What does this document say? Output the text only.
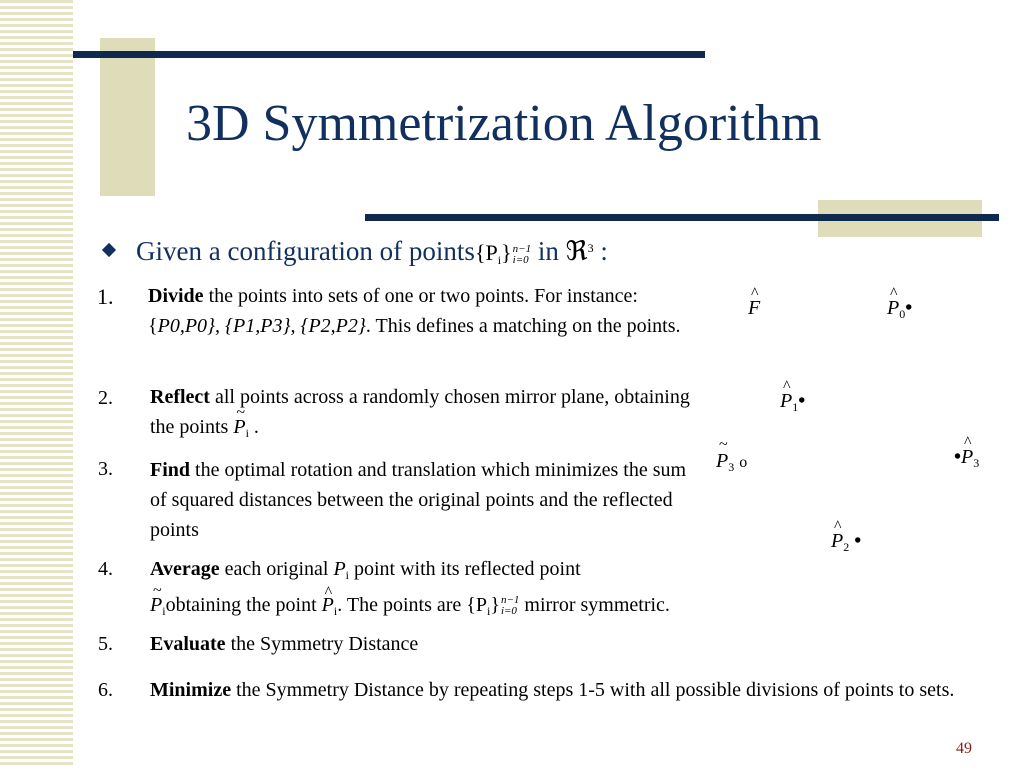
3D Symmetrization Algorithm
Given a configuration of $points\{P_i\}$ n−1
i=0 in ℜ$^3$ :
1. Divide the points into sets of one or two points. For instance: {P0,P0}, {P1,P3}, {P2,P2}. This defines a matching on the points.
2. Reflect all points across a randomly chosen mirror plane, obtaining the points ~ $P_i$ .
3. Find the optimal rotation and translation which minimizes the sum of squared distances between the original points and the reflected points
4. Average each original $P_i$ point with its reflected point
~ $P_iobtaining$ the point ^ $P_i$. The points are $\{P_i\}$ n−1
i=0 mirror symmetric.
5. Evaluate the Symmetry Distance
6. Minimize the Symmetry Distance by repeating steps 1-5 with all possible divisions of points to sets.
^ F
^	$P_0•$
^ $P_1•$
~ $P_3$ o	•^ $P_3$
^ $P_2$ •
49
